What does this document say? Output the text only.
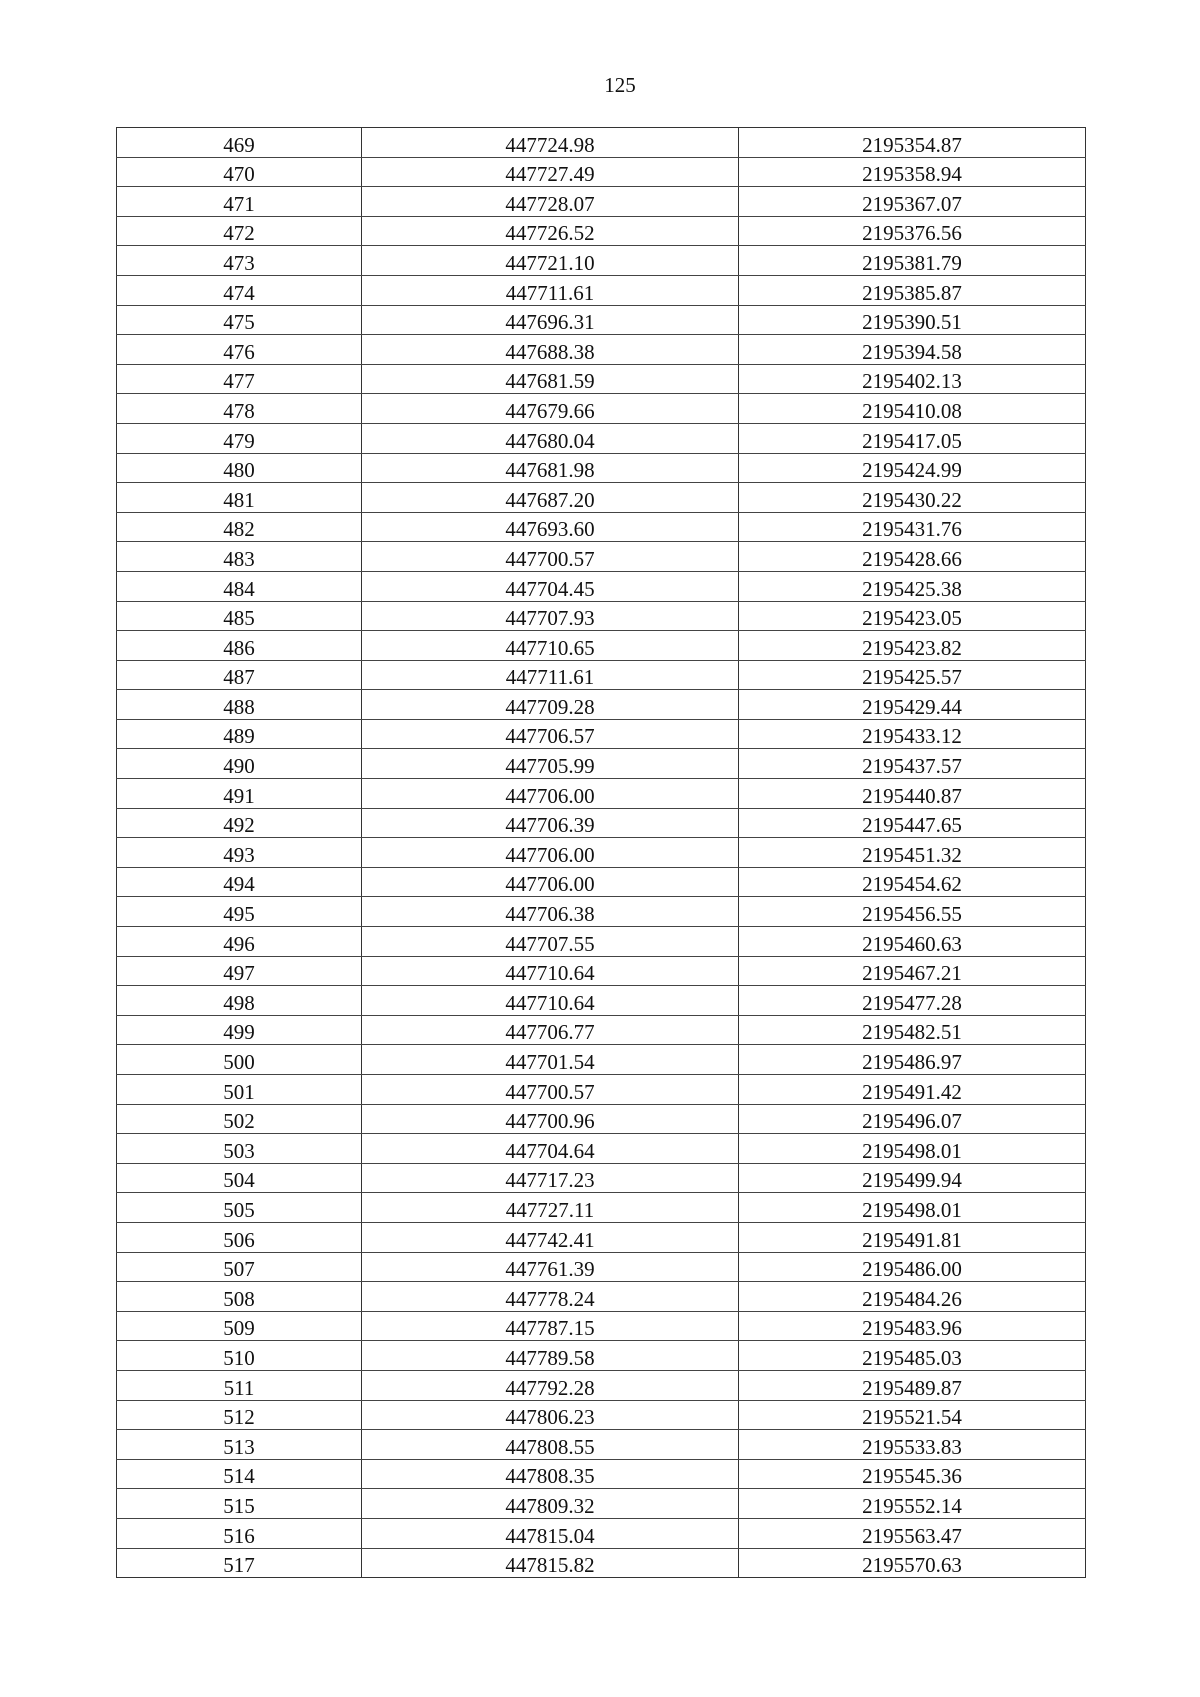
125
469	447724.98	2195354.87
470	447727.49	2195358.94
471	447728.07	2195367.07
472	447726.52	2195376.56
473	447721.10	2195381.79
474	447711.61	2195385.87
475	447696.31	2195390.51
476	447688.38	2195394.58
477	447681.59	2195402.13
478	447679.66	2195410.08
479	447680.04	2195417.05
480	447681.98	2195424.99
481	447687.20	2195430.22
482	447693.60	2195431.76
483	447700.57	2195428.66
484	447704.45	2195425.38
485	447707.93	2195423.05
486	447710.65	2195423.82
487	447711.61	2195425.57
488	447709.28	2195429.44
489	447706.57	2195433.12
490	447705.99	2195437.57
491	447706.00	2195440.87
492	447706.39	2195447.65
493	447706.00	2195451.32
494	447706.00	2195454.62
495	447706.38	2195456.55
496	447707.55	2195460.63
497	447710.64	2195467.21
498	447710.64	2195477.28
499	447706.77	2195482.51
500	447701.54	2195486.97
501	447700.57	2195491.42
502	447700.96	2195496.07
503	447704.64	2195498.01
504	447717.23	2195499.94
505	447727.11	2195498.01
506	447742.41	2195491.81
507	447761.39	2195486.00
508	447778.24	2195484.26
509	447787.15	2195483.96
510	447789.58	2195485.03
511	447792.28	2195489.87
512	447806.23	2195521.54
513	447808.55	2195533.83
514	447808.35	2195545.36
515	447809.32	2195552.14
516	447815.04	2195563.47
517	447815.82	2195570.63
